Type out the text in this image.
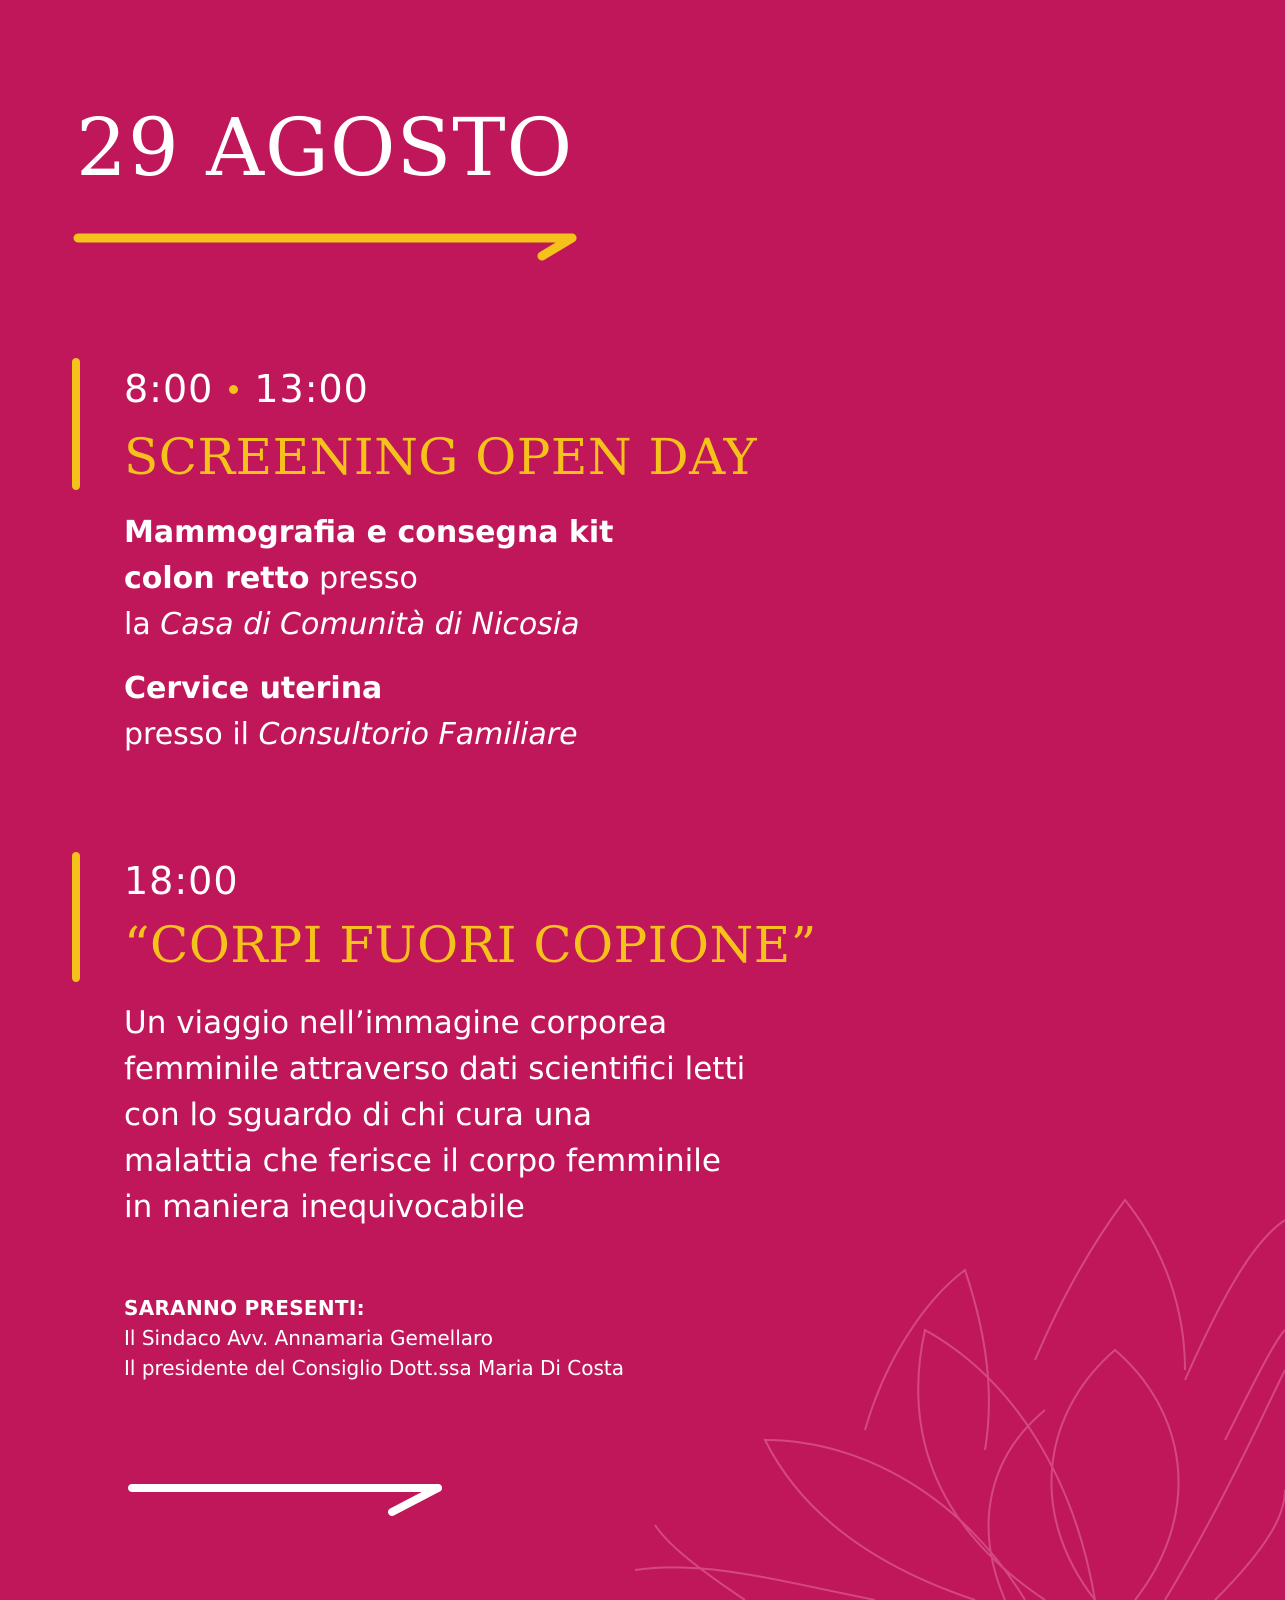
29 AGOSTO
8:00 13:00
SCREENING OPEN DAY

Mammografia e consegna kit
colon retto presso
la Casa di Comunità di Nicosia

Cervice uterina
presso il Consultorio Familiare

18:00
“CORPI FUORI COPIONE”

Un viaggio nell’immagine corporea
femminile attraverso dati scientifici letti
con lo sguardo di chi cura una
malattia che ferisce il corpo femminile
in maniera inequivocabile

SARANNO PRESENTI:

Il Sindaco Avv. Annamaria Gemellaro

Il presidente del Consiglio Dott.ssa Maria Di Costa
